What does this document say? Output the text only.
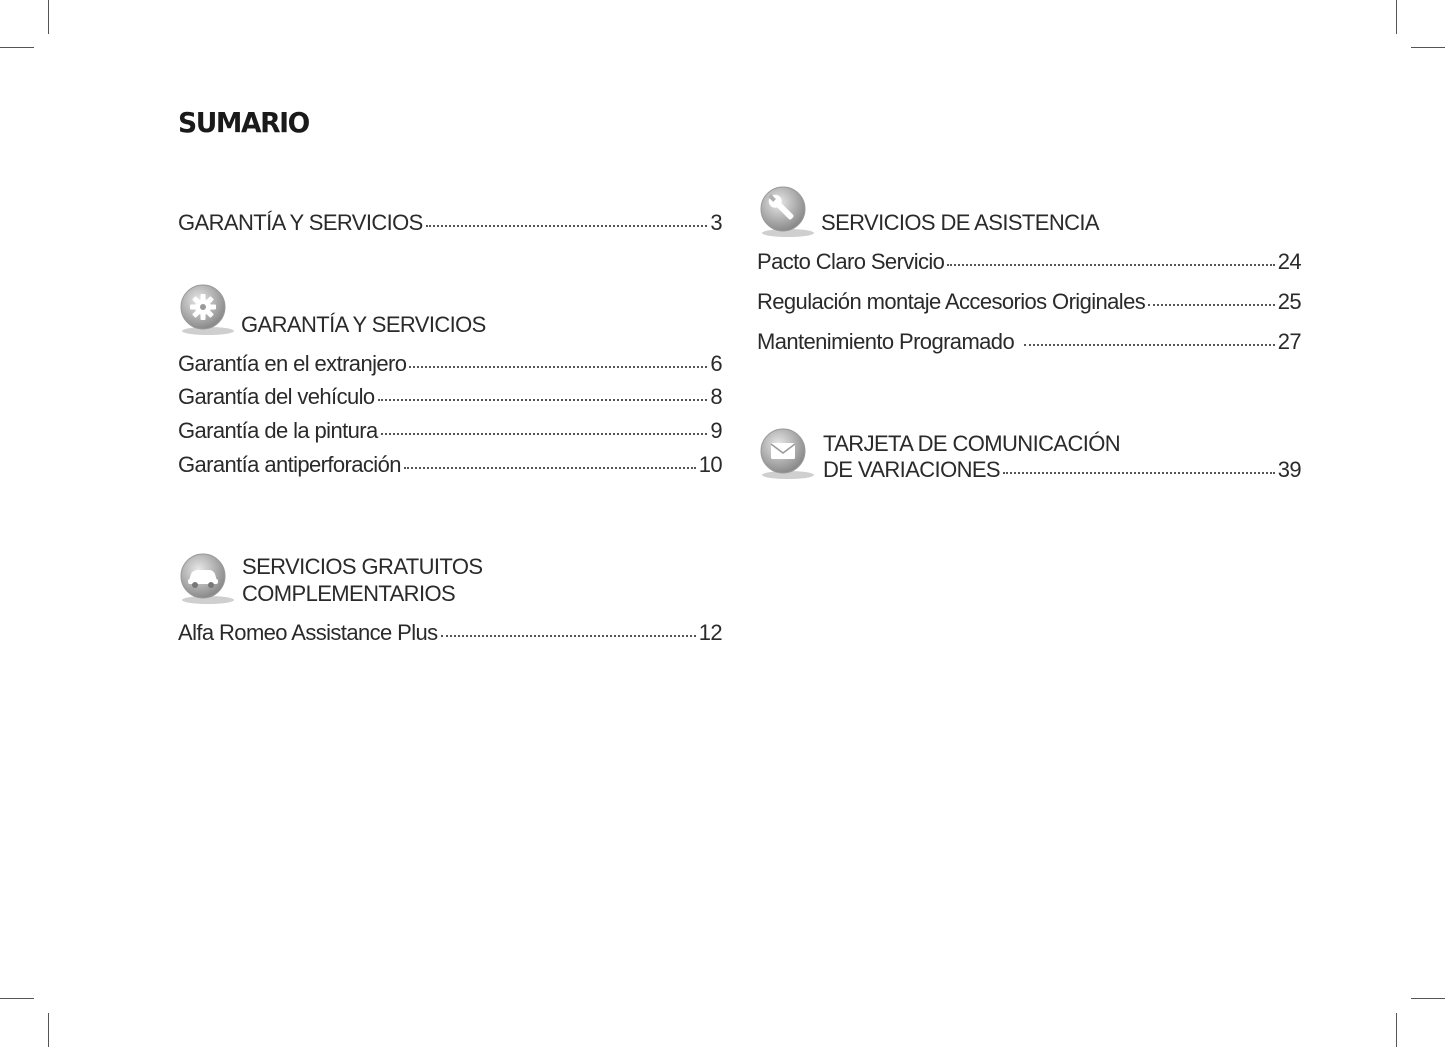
SUMARIO
GARANTÍA Y SERVICIOS	3
GARANTÍA Y SERVICIOS
Garantía en el extranjero	6
Garantía del vehículo	8
Garantía de la pintura	9
Garantía antiperforación	10
SERVICIOS GRATUITOS
COMPLEMENTARIOS
Alfa Romeo Assistance Plus	12
SERVICIOS DE ASISTENCIA
Pacto Claro Servicio	24
Regulación montaje Accesorios Originales	25
Mantenimiento Programado	27
TARJETA DE COMUNICACIÓN
DE VARIACIONES	39
